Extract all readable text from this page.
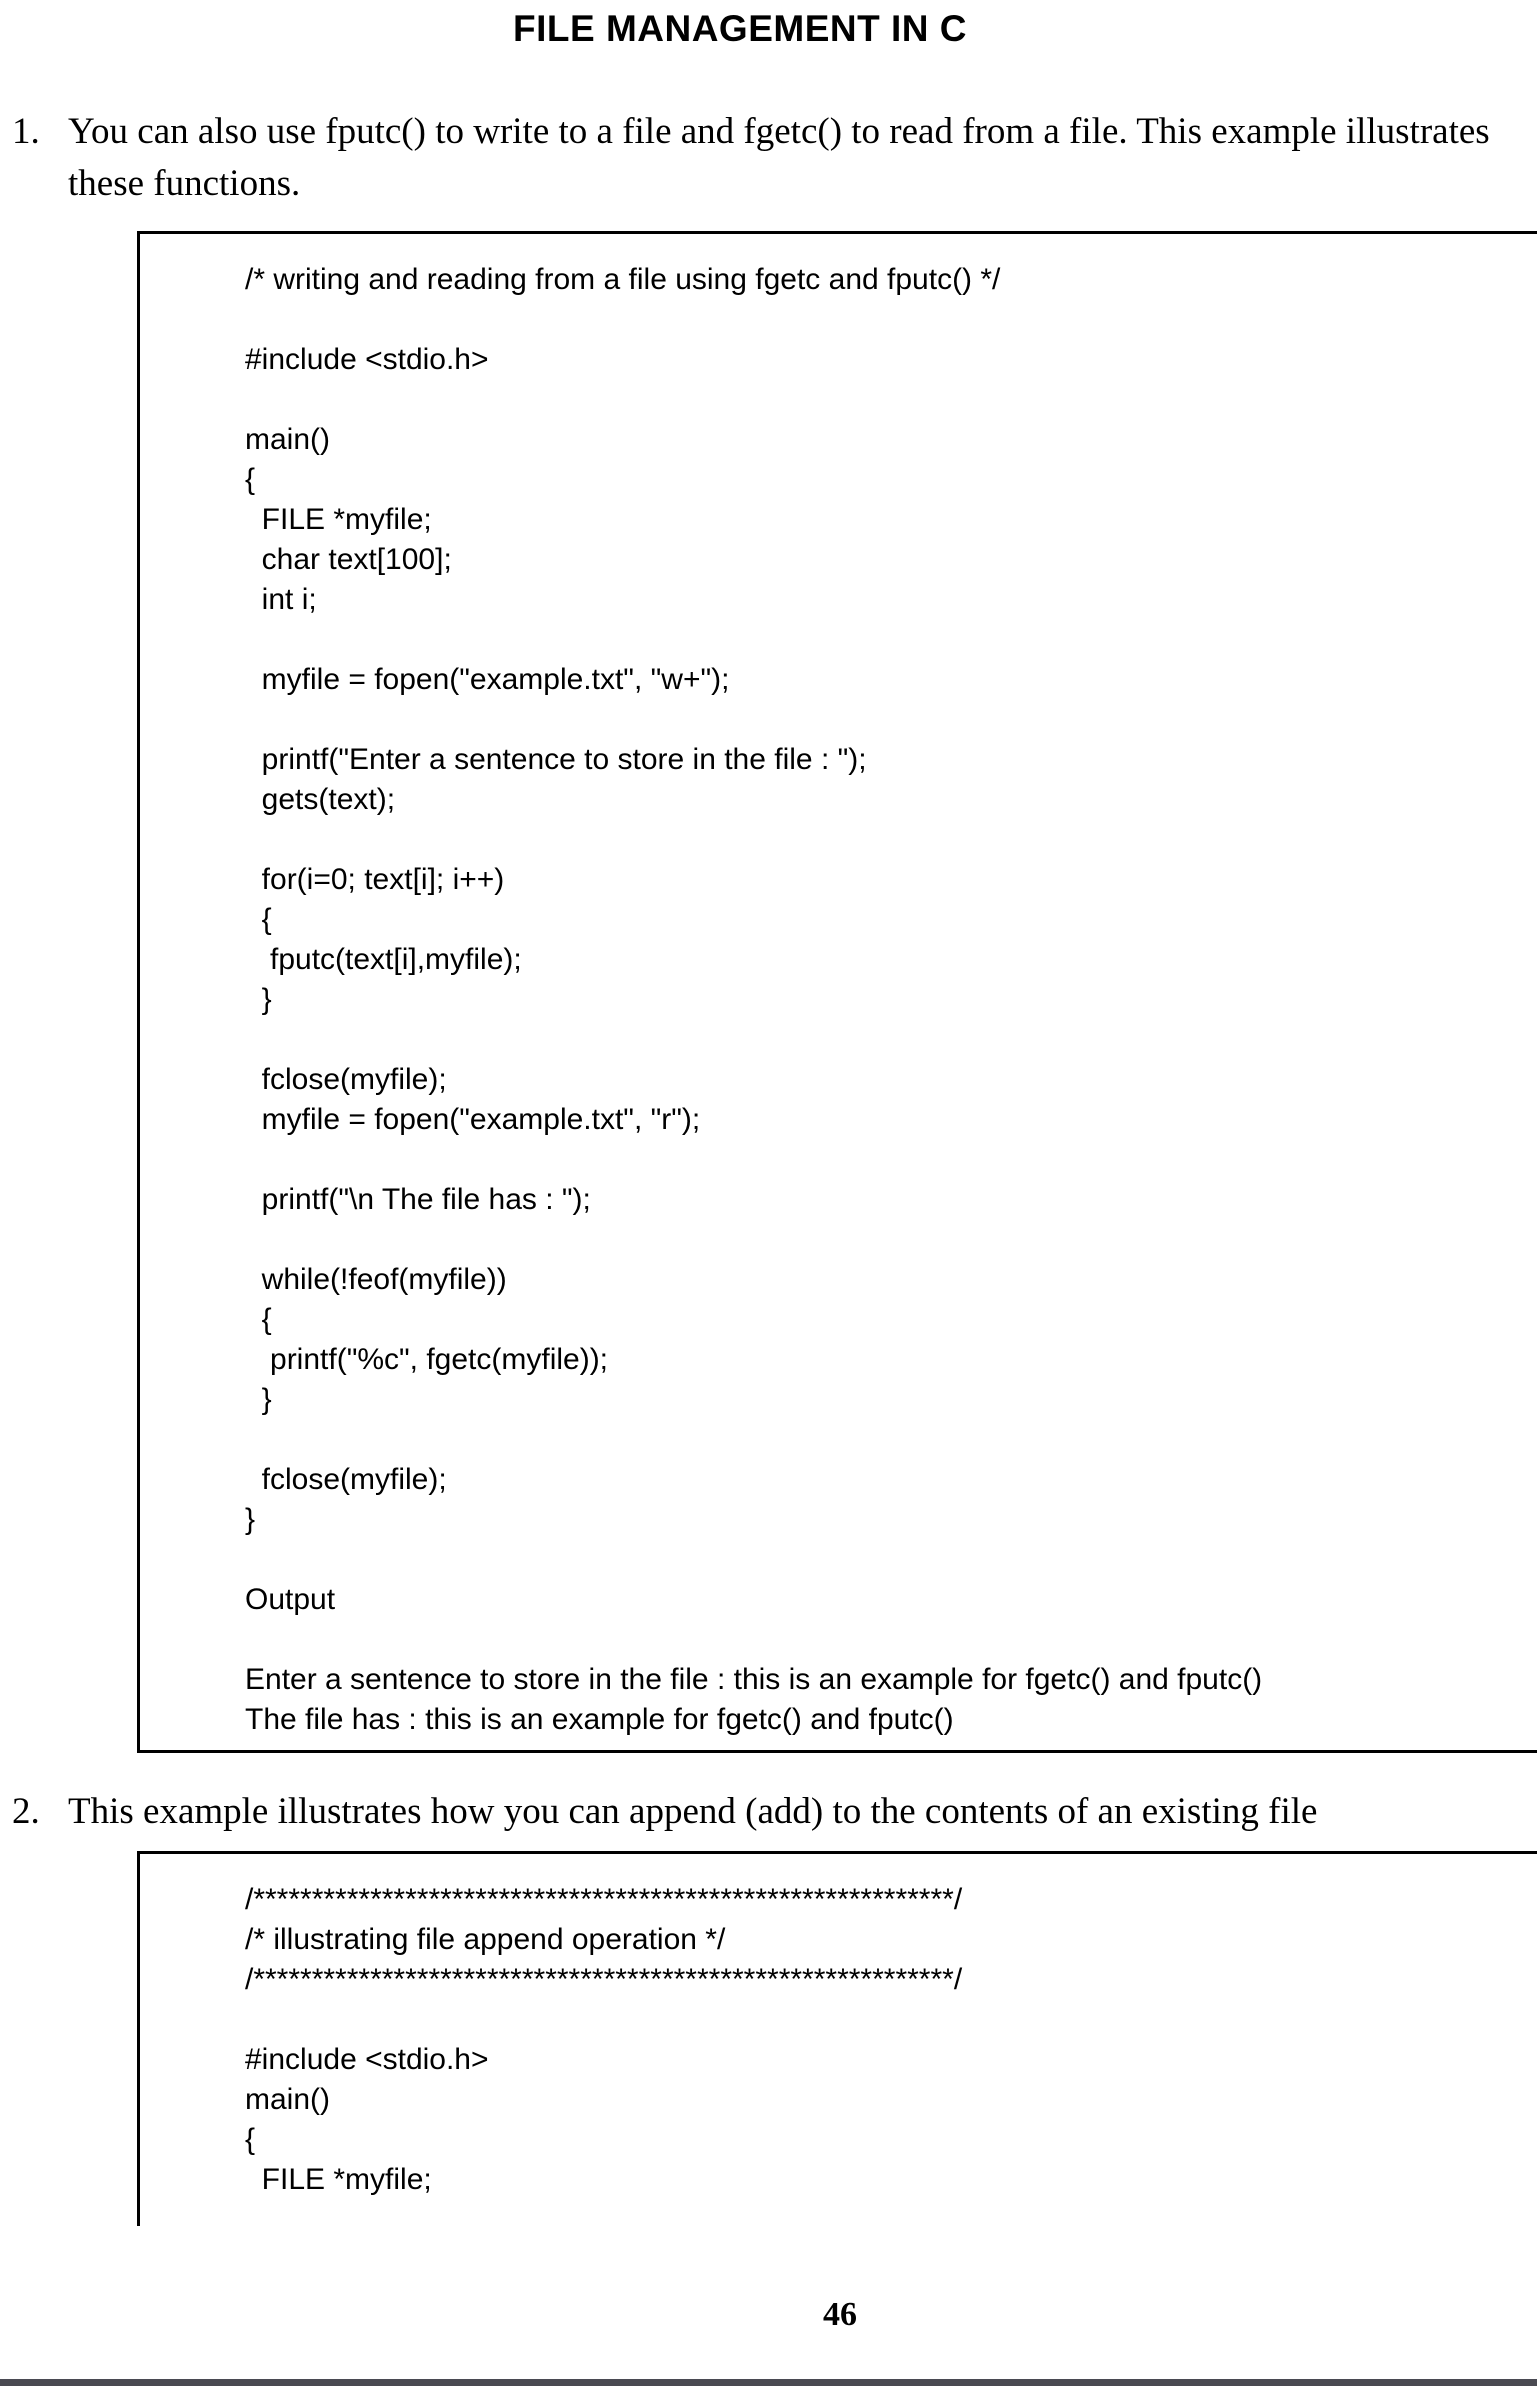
FILE MANAGEMENT IN C
1. You can also use fputc() to write to a file and fgetc() to read from a file. This example illustrates
these functions.
/* writing and reading from a file using fgetc and fputc() */

#include <stdio.h>

main()
{
FILE *myfile;
char text[100];
int i;

myfile = fopen("example.txt", "w+");

printf("Enter a sentence to store in the file : ");
gets(text);

for(i=0; text[i]; i++)
{
fputc(text[i],myfile);
}

fclose(myfile);
myfile = fopen("example.txt", "r");

printf("\n The file has : ");

while(!feof(myfile))
{
printf("%c", fgetc(myfile));
}

fclose(myfile);
}

Output

Enter a sentence to store in the file : this is an example for fgetc() and fputc()
The file has : this is an example for fgetc() and fputc()
2. This example illustrates how you can append (add) to the contents of an existing file
/************************************************************/
/* illustrating file append operation */
/************************************************************/

#include <stdio.h>
main()
{
FILE *myfile;
46
